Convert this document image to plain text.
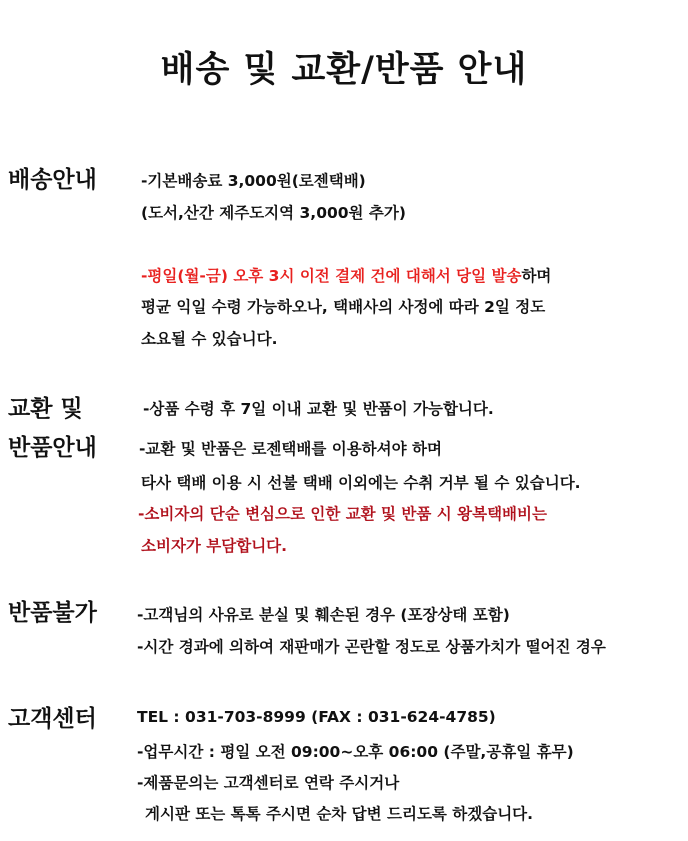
배송 및 교환/반품 안내
배송안내	-기본배송료 3,000원(로젠택배)
(도서,산간 제주도지역 3,000원 추가)
-평일(월-금) 오후 3시 이전 결제 건에 대해서 당일 발송하며
평균 익일 수령 가능하오나, 택배사의 사정에 따라 2일 정도
소요될 수 있습니다.
교환 및
반품안내
-상품 수령 후 7일 이내 교환 및 반품이 가능합니다.
-교환 및 반품은 로젠택배를 이용하셔야 하며
타사 택배 이용 시 선불 택배 이외에는 수취 거부 될 수 있습니다.
-소비자의 단순 변심으로 인한 교환 및 반품 시 왕복택배비는
소비자가 부담합니다.
반품불가	-고객님의 사유로 분실 및 훼손된 경우 (포장상태 포함)
-시간 경과에 의하여 재판매가 곤란할 정도로 상품가치가 떨어진 경우
고객센터	TEL : 031-703-8999 (FAX : 031-624-4785)
-업무시간 : 평일 오전 09:00~오후 06:00 (주말,공휴일 휴무)
-제품문의는 고객센터로 연락 주시거나
게시판 또는 톡톡 주시면 순차 답변 드리도록 하겠습니다.
